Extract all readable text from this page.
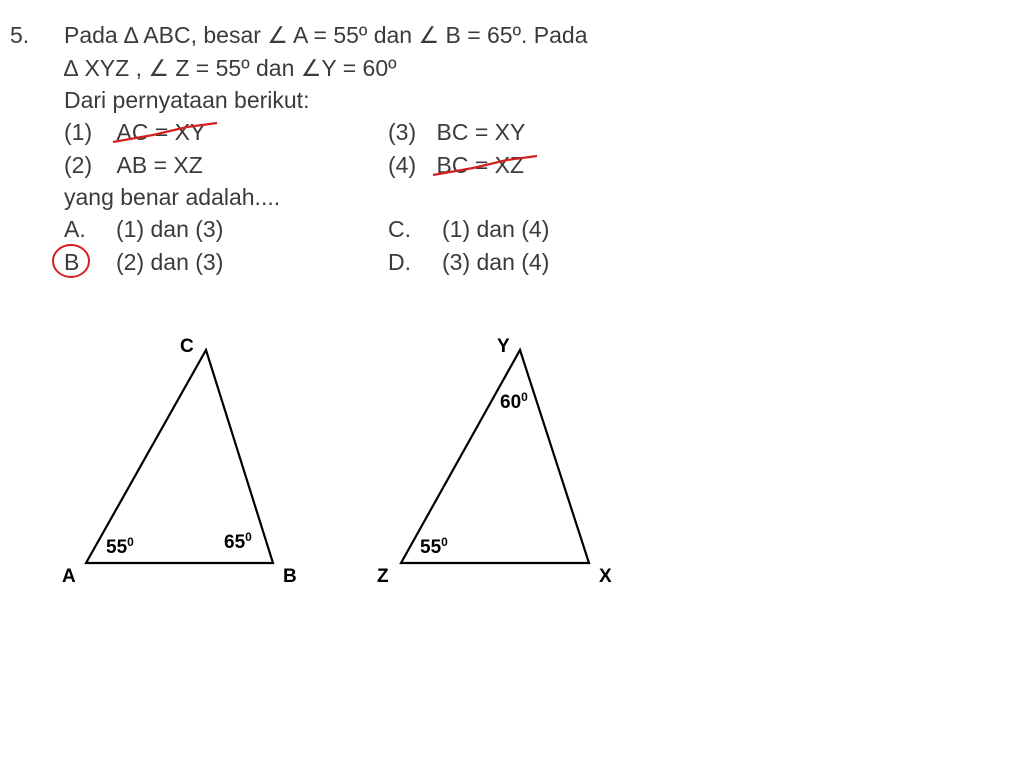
5. Pada ∆ ABC, besar ∠ A = 55º dan ∠ B = 65º. Pada
∆ XYZ , ∠ Z = 55º dan ∠Y = 60º
Dari pernyataan berikut:
(1) AC = XY
(2) AB = XZ
(3) BC = XY
(4) BC = XZ
yang benar adalah....
A. (1) dan (3)
B (2) dan (3)
C. (1) dan (4)
D. (3) dan (4)
C
A	B
$55^0$	$65^0$
Y
Z	X
$60^0$
$55^0$
